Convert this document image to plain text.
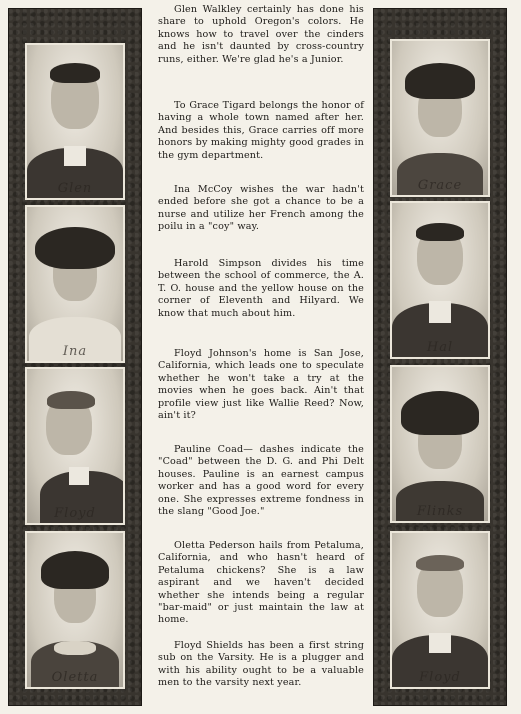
Glen
Ina
Floyd
Oletta
Grace
Hal
Flinks
Floyd

Glen Walkley certainly has done his share to uphold Oregon's colors. He knows how to travel over the cinders and he isn't daunted by cross-country runs, either. We're glad he's a Junior.

To Grace Tigard belongs the honor of having a whole town named after her. And besides this, Grace carries off more honors by making mighty good grades in the gym department.

Ina McCoy wishes the war hadn't ended before she got a chance to be a nurse and utilize her French among the poilu in a "coy" way.

Harold Simpson divides his time between the school of commerce, the A. T. O. house and the yellow house on the corner of Eleventh and Hilyard. We know that much about him.

Floyd Johnson's home is San Jose, California, which leads one to speculate whether he won't take a try at the movies when he goes back. Ain't that profile view just like Wallie Reed? Now, ain't it?

Pauline Coad— dashes indicate the "Coad" between the D. G. and Phi Delt houses. Pauline is an earnest campus worker and has a good word for every one. She expresses extreme fondness in the slang "Good Joe."

Oletta Pederson hails from Petaluma, California, and who hasn't heard of Petaluma chickens? She is a law aspirant and we haven't decided whether she intends being a regular "bar-maid" or just maintain the law at home.

Floyd Shields has been a first string sub on the Varsity. He is a plugger and with his ability ought to be a valuable men to the varsity next year.
